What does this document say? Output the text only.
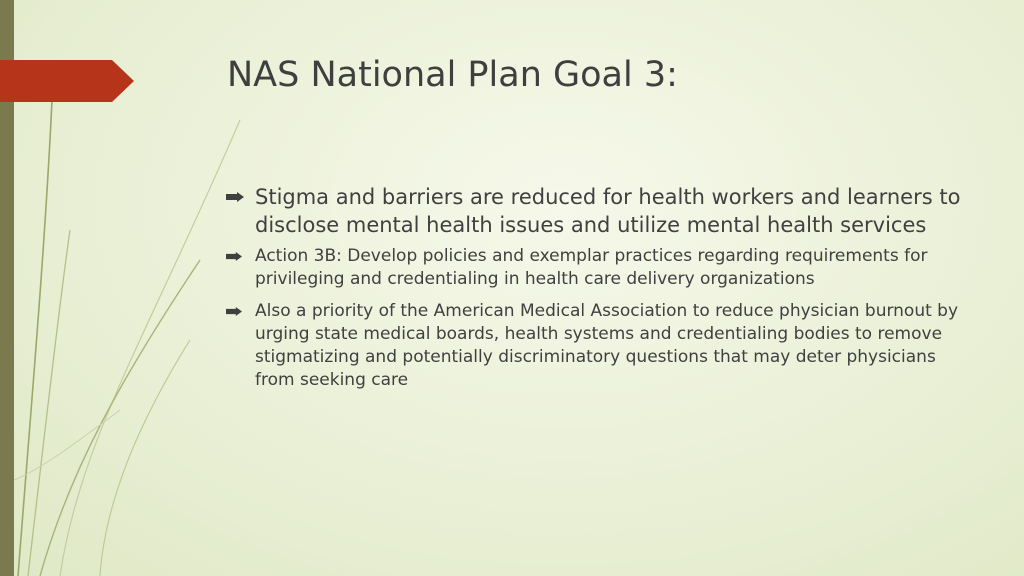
NAS National Plan Goal 3:
Stigma and barriers are reduced for health workers and learners to disclose mental health issues and utilize mental health services
Action 3B: Develop policies and exemplar practices regarding requirements for privileging and credentialing in health care delivery organizations
Also a priority of the American Medical Association to reduce physician burnout by urging state medical boards, health systems and credentialing bodies to remove stigmatizing and potentially discriminatory questions that may deter physicians from seeking care
